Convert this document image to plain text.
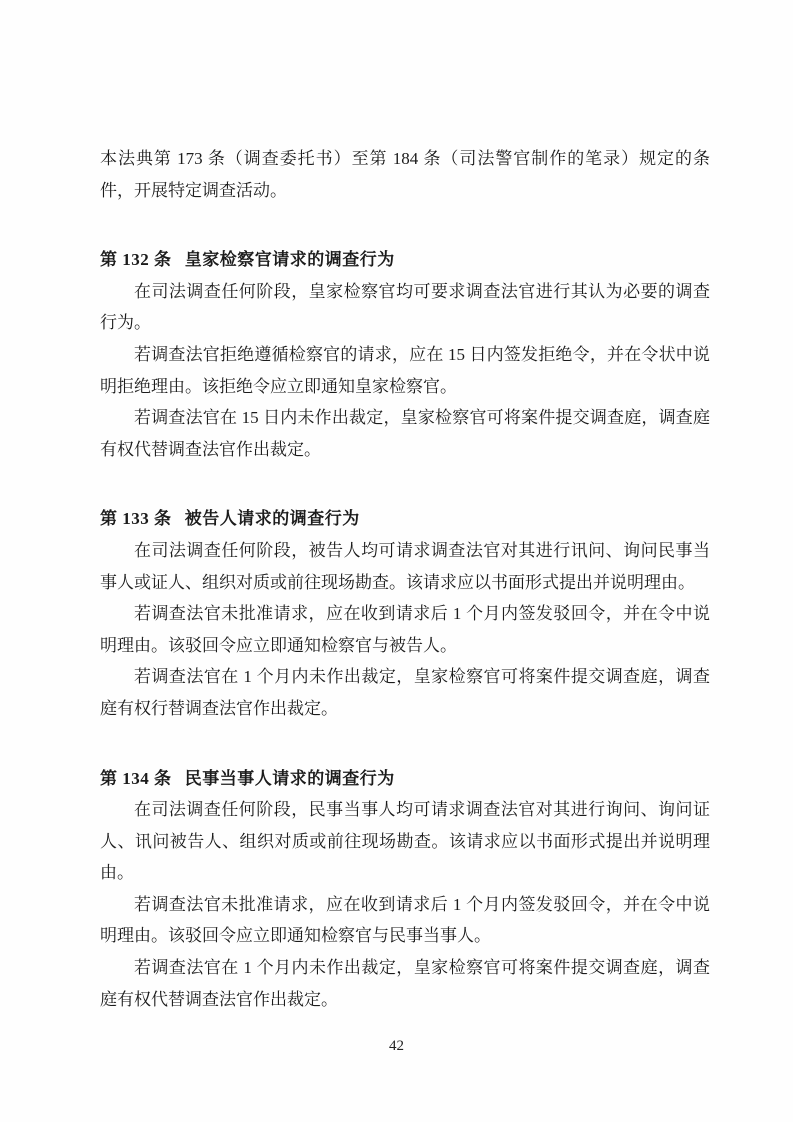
本法典第 173 条（调查委托书）至第 184 条（司法警官制作的笔录）规定的条件，开展特定调查活动。

第 132 条 皇家检察官请求的调查行为

在司法调查任何阶段，皇家检察官均可要求调查法官进行其认为必要的调查行为。

若调查法官拒绝遵循检察官的请求，应在 15 日内签发拒绝令，并在令状中说明拒绝理由。该拒绝令应立即通知皇家检察官。

若调查法官在 15 日内未作出裁定，皇家检察官可将案件提交调查庭，调查庭有权代替调查法官作出裁定。

第 133 条 被告人请求的调查行为

在司法调查任何阶段，被告人均可请求调查法官对其进行讯问、询问民事当事人或证人、组织对质或前往现场勘查。该请求应以书面形式提出并说明理由。

若调查法官未批准请求，应在收到请求后 1 个月内签发驳回令，并在令中说明理由。该驳回令应立即通知检察官与被告人。

若调查法官在 1 个月内未作出裁定，皇家检察官可将案件提交调查庭，调查庭有权行替调查法官作出裁定。

第 134 条 民事当事人请求的调查行为

在司法调查任何阶段，民事当事人均可请求调查法官对其进行询问、询问证人、讯问被告人、组织对质或前往现场勘查。该请求应以书面形式提出并说明理由。

若调查法官未批准请求，应在收到请求后 1 个月内签发驳回令，并在令中说明理由。该驳回令应立即通知检察官与民事当事人。

若调查法官在 1 个月内未作出裁定，皇家检察官可将案件提交调查庭，调查庭有权代替调查法官作出裁定。

42
